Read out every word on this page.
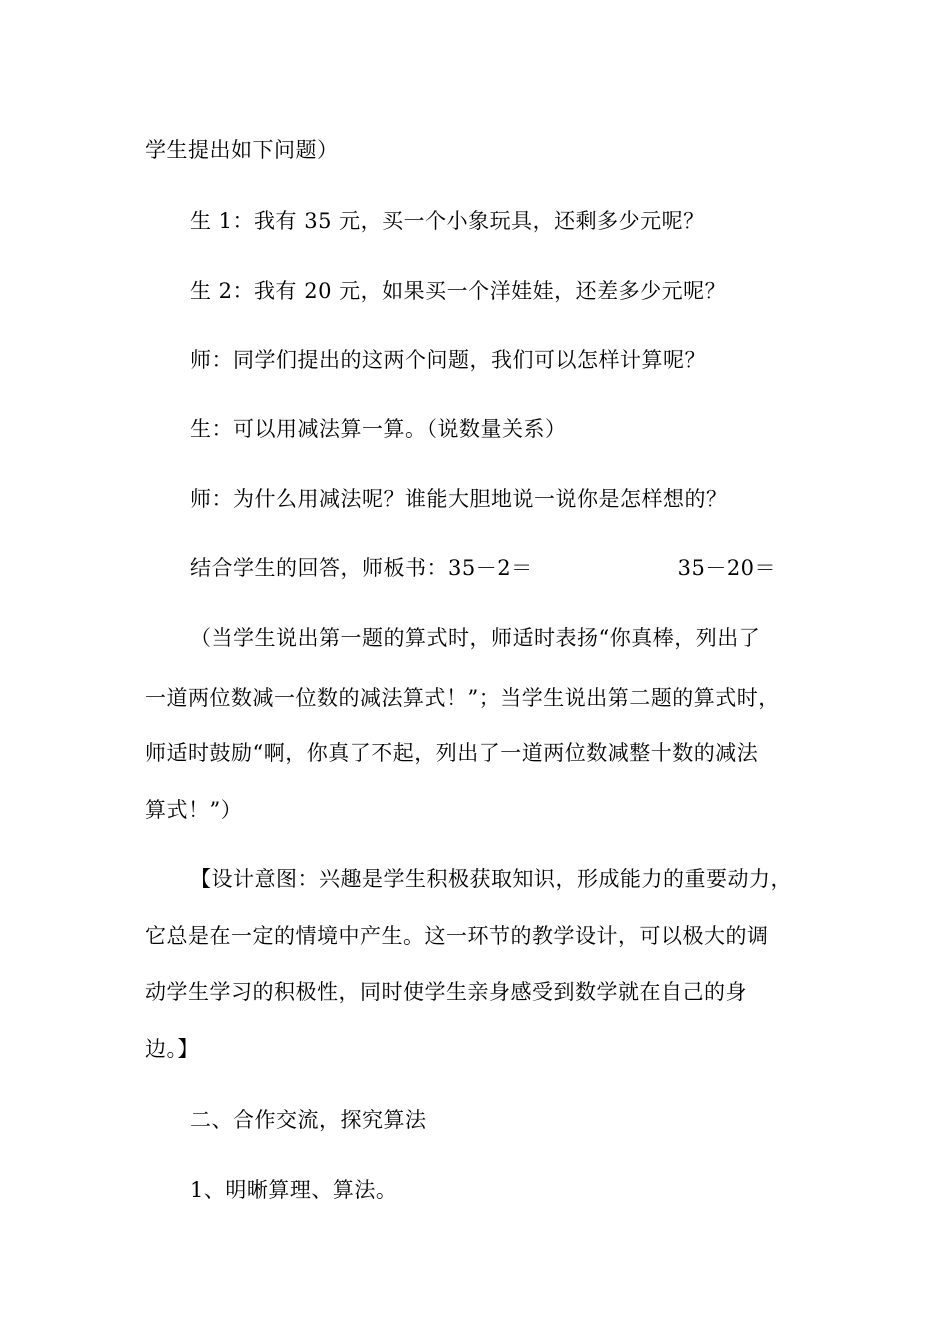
学生提出如下问题）
生 1：我有 35 元，买一个小象玩具，还剩多少元呢？
生 2：我有 20 元，如果买一个洋娃娃，还差多少元呢？
师：同学们提出的这两个问题，我们可以怎样计算呢？
生：可以用减法算一算。（说数量关系）
师：为什么用减法呢？谁能大胆地说一说你是怎样想的？
结合学生的回答，师板书：35－2＝	35－20＝
（当学生说出第一题的算式时，师适时表扬“你真棒，列出了
一道两位数减一位数的减法算式！”；当学生说出第二题的算式时，
师适时鼓励“啊，你真了不起，列出了一道两位数减整十数的减法
算式！”）
【设计意图：兴趣是学生积极获取知识，形成能力的重要动力，
它总是在一定的情境中产生。这一环节的教学设计，可以极大的调
动学生学习的积极性，同时使学生亲身感受到数学就在自己的身
边。】
二、合作交流，探究算法
1、明晰算理、算法。
